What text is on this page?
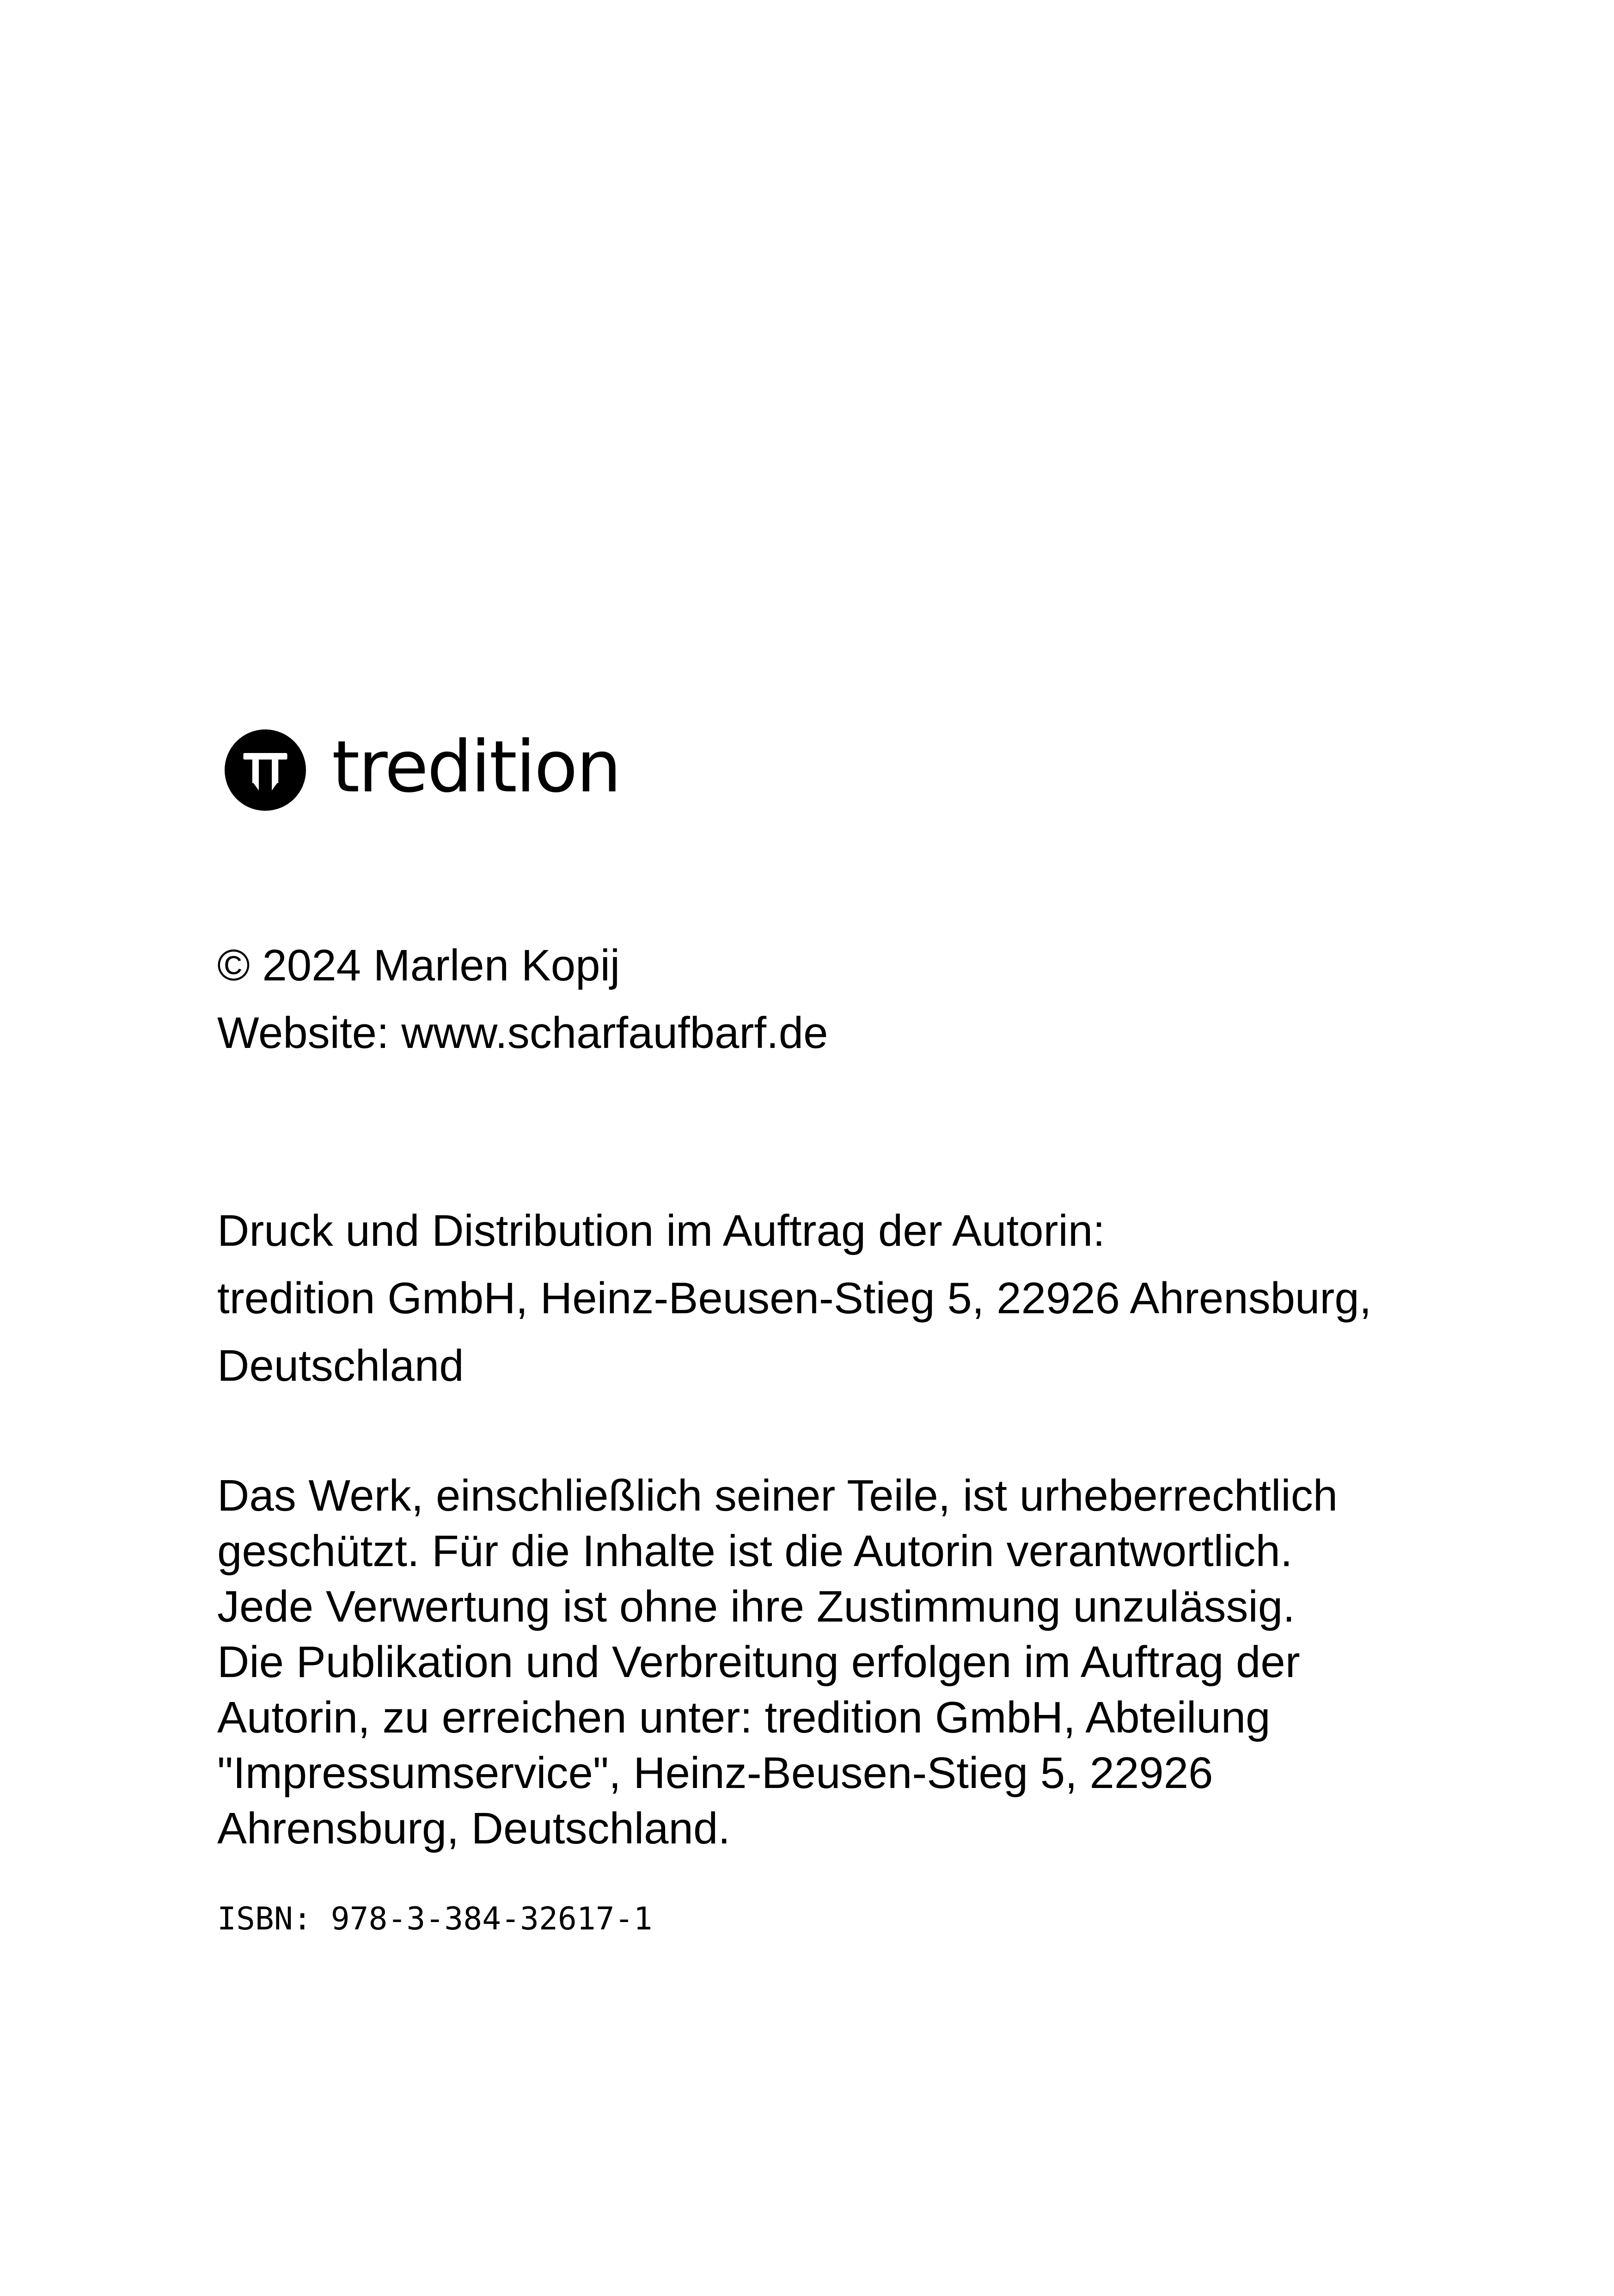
tredition
© 2024 Marlen Kopij
Website: www.scharfaufbarf.de
Druck und Distribution im Auftrag der Autorin:
tredition GmbH, Heinz-Beusen-Stieg 5, 22926 Ahrensburg,
Deutschland
Das Werk, einschließlich seiner Teile, ist urheberrechtlich
geschützt. Für die Inhalte ist die Autorin verantwortlich.
Jede Verwertung ist ohne ihre Zustimmung unzulässig.
Die Publikation und Verbreitung erfolgen im Auftrag der
Autorin, zu erreichen unter: tredition GmbH, Abteilung
"Impressumservice", Heinz-Beusen-Stieg 5, 22926
Ahrensburg, Deutschland.
ISBN: 978-3-384-32617-1
